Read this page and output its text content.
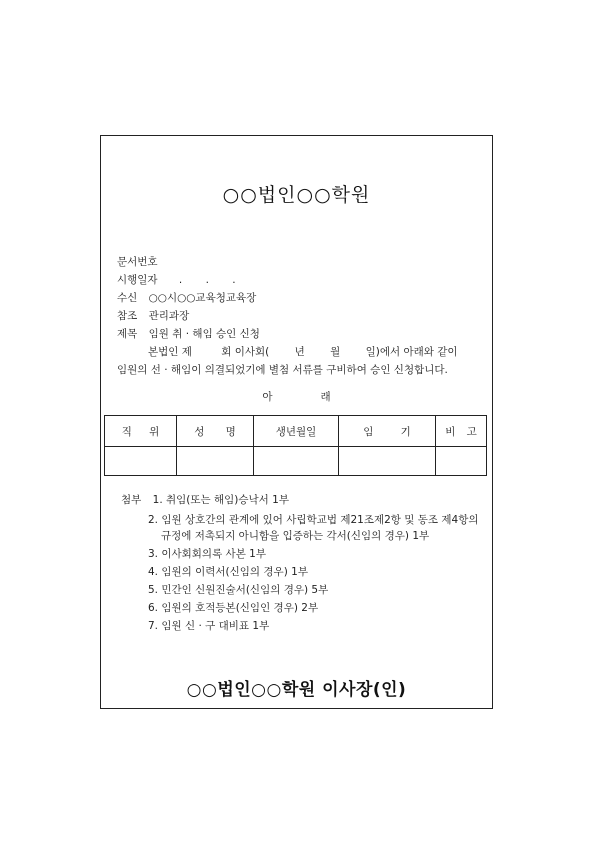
○○법인○○학원
문서번호
시행일자 . . .
수신 ○○시○○교육청교육장
참조 관리과장
제목 임원 취 · 해임 승인 신청
본법인 제	회 이사회( 년 월 일)에서 아래와 같이
임원의 선 · 해임이 의결되었기에 별첨 서류를 구비하여 승인 신청합니다.
아	래
직 위	성 명	생년월일	임 기	비 고

첨부 1. 취임(또는 해임)승낙서 1부
2. 임원 상호간의 관계에 있어 사립학교법 제21조제2항 및 동조 제4항의
규정에 저촉되지 아니함을 입증하는 각서(신임의 경우) 1부
3. 이사회회의록 사본 1부
4. 임원의 이력서(신임의 경우) 1부
5. 민간인 신원진술서(신임의 경우) 5부
6. 임원의 호적등본(신임인 경우) 2부
7. 임원 신 · 구 대비표 1부
○○법인○○학원 이사장(인)
